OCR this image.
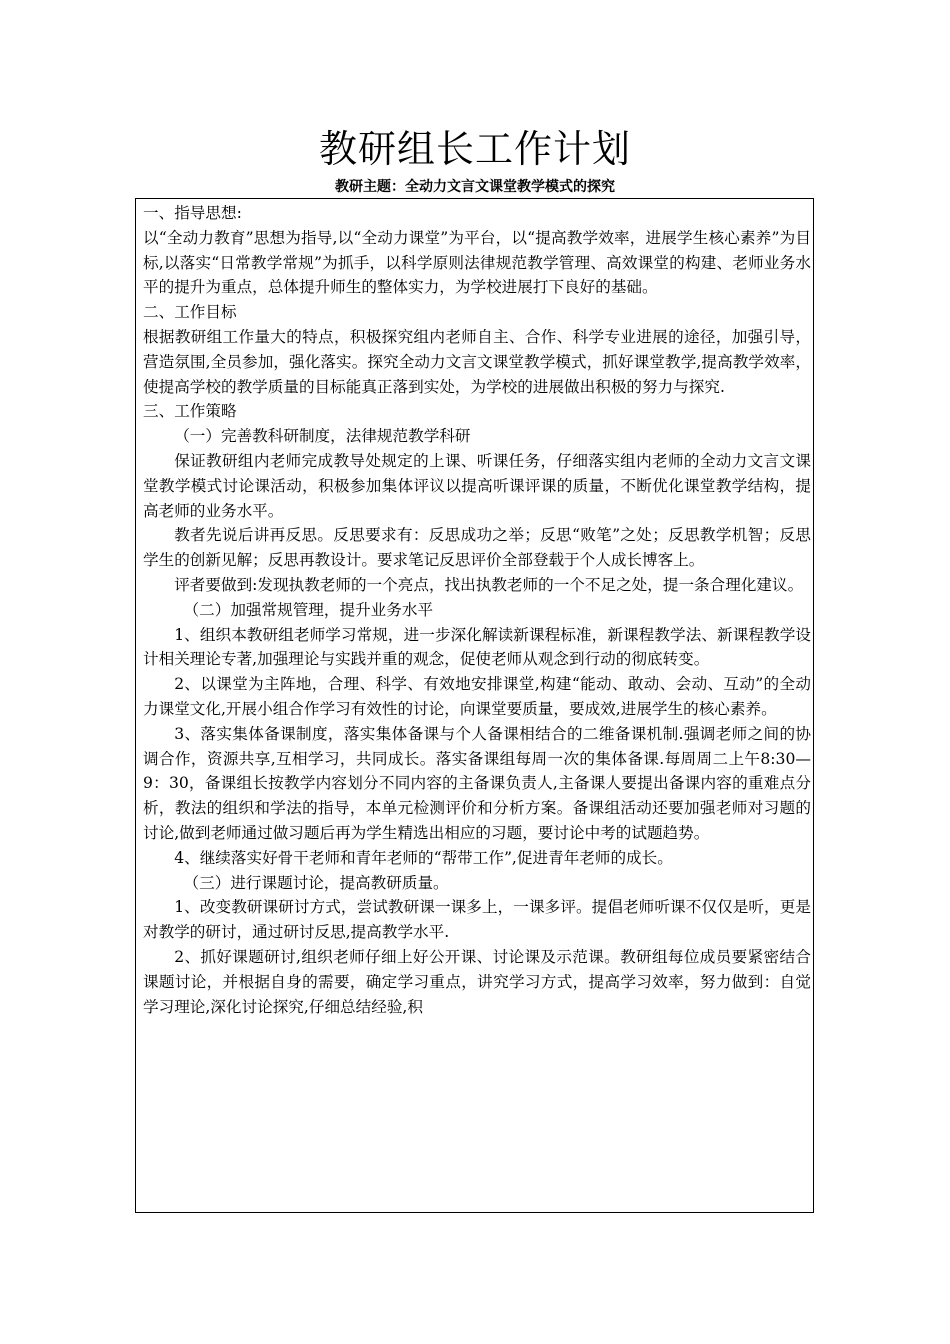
教研组长工作计划
教研主题：全动力文言文课堂教学模式的探究

一、指导思想:

以“全动力教育”思想为指导,以“全动力课堂”为平台，以“提高教学效率，进展学生核心素养”为目标,以落实“日常教学常规”为抓手，以科学原则法律规范教学管理、高效课堂的构建、老师业务水平的提升为重点，总体提升师生的整体实力，为学校进展打下良好的基础。

二、工作目标

根据教研组工作量大的特点，积极探究组内老师自主、合作、科学专业进展的途径，加强引导，营造氛围,全员参加，强化落实。探究全动力文言文课堂教学模式，抓好课堂教学,提高教学效率，使提高学校的教学质量的目标能真正落到实处，为学校的进展做出积极的努力与探究.

三、工作策略

（一）完善教科研制度，法律规范教学科研

保证教研组内老师完成教导处规定的上课、听课任务，仔细落实组内老师的全动力文言文课堂教学模式讨论课活动，积极参加集体评议以提高听课评课的质量，不断优化课堂教学结构，提高老师的业务水平。

教者先说后讲再反思。反思要求有：反思成功之举；反思“败笔”之处；反思教学机智；反思学生的创新见解；反思再教设计。要求笔记反思评价全部登载于个人成长博客上。

评者要做到:发现执教老师的一个亮点，找出执教老师的一个不足之处，提一条合理化建议。

（二）加强常规管理，提升业务水平

1、组织本教研组老师学习常规，进一步深化解读新课程标准，新课程教学法、新课程教学设计相关理论专著,加强理论与实践并重的观念，促使老师从观念到行动的彻底转变。

2、以课堂为主阵地，合理、科学、有效地安排课堂,构建“能动、敢动、会动、互动”的全动力课堂文化,开展小组合作学习有效性的讨论，向课堂要质量，要成效,进展学生的核心素养。

3、落实集体备课制度，落实集体备课与个人备课相结合的二维备课机制.强调老师之间的协调合作，资源共享,互相学习，共同成长。落实备课组每周一次的集体备课.每周周二上午8:30—9：30，备课组长按教学内容划分不同内容的主备课负责人,主备课人要提出备课内容的重难点分析，教法的组织和学法的指导，本单元检测评价和分析方案。备课组活动还要加强老师对习题的讨论,做到老师通过做习题后再为学生精选出相应的习题，要讨论中考的试题趋势。

4、继续落实好骨干老师和青年老师的“帮带工作”,促进青年老师的成长。

（三）进行课题讨论，提高教研质量。

1、改变教研课研讨方式，尝试教研课一课多上，一课多评。提倡老师听课不仅仅是听，更是对教学的研讨，通过研讨反思,提高教学水平.

2、抓好课题研讨,组织老师仔细上好公开课、讨论课及示范课。教研组每位成员要紧密结合课题讨论，并根据自身的需要，确定学习重点，讲究学习方式，提高学习效率，努力做到：自觉学习理论,深化讨论探究,仔细总结经验,积
